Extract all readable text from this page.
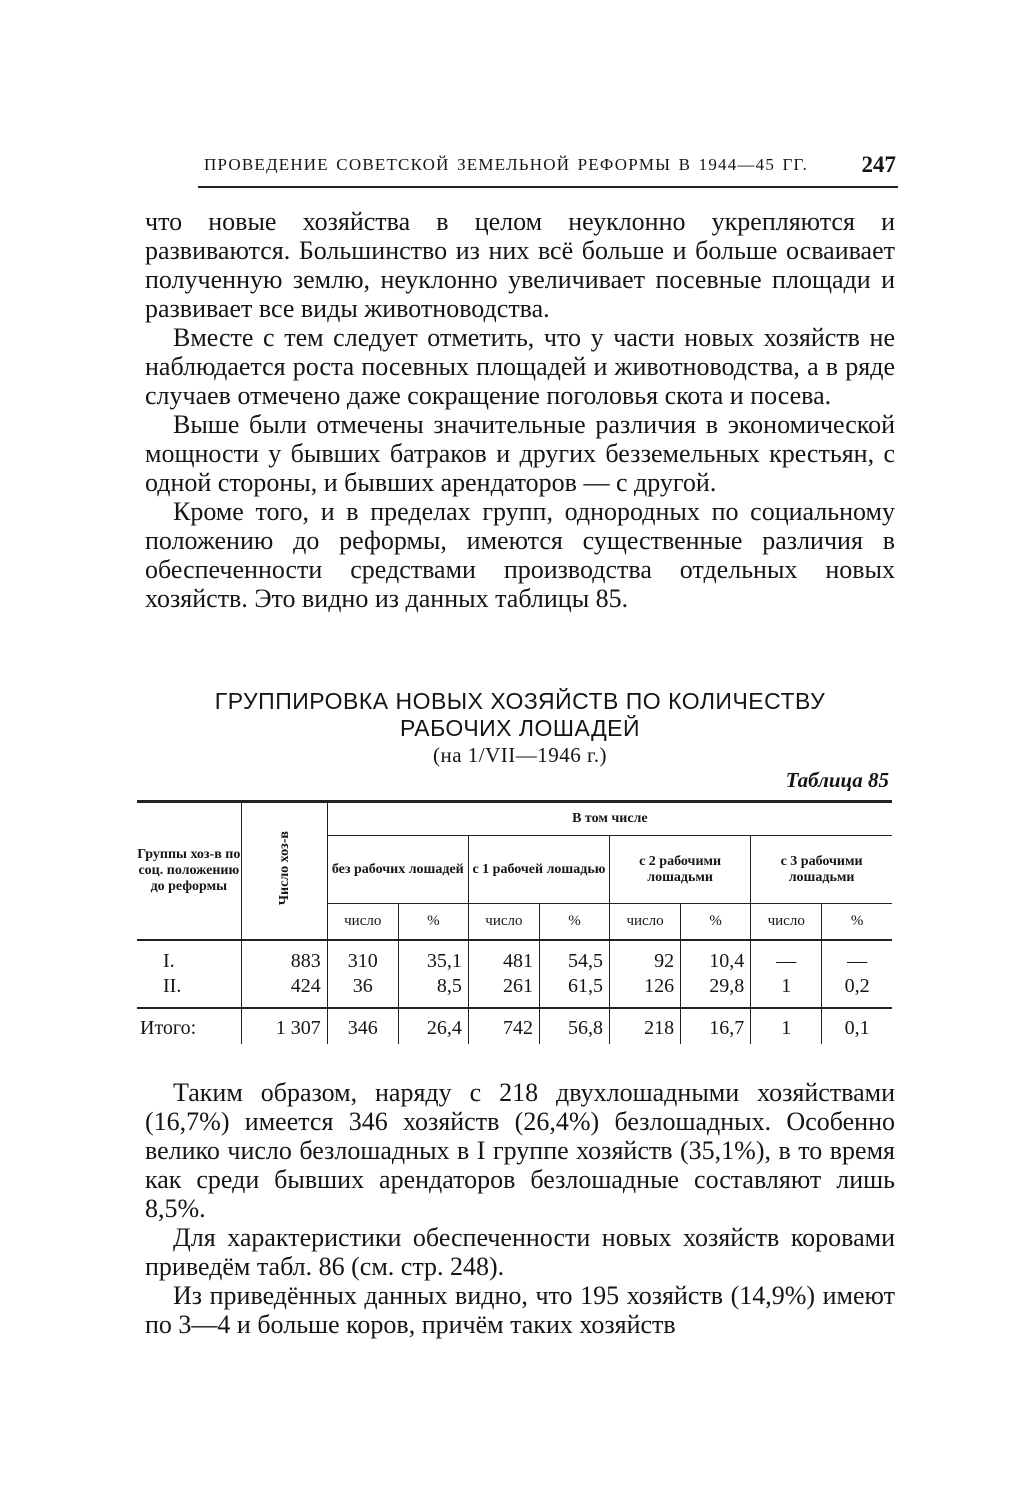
ПРОВЕДЕНИЕ СОВЕТСКОЙ ЗЕМЕЛЬНОЙ РЕФОРМЫ В 1944—45 ГГ. 247

что новые хозяйства в целом неуклонно укрепляются и развиваются. Большинство из них всё больше и больше осваивает полученную землю, неуклонно увеличивает посевные площади и развивает все виды животноводства.

Вместе с тем следует отметить, что у части новых хозяйств не наблюдается роста посевных площадей и животноводства, а в ряде случаев отмечено даже сокращение поголовья скота и посева.

Выше были отмечены значительные различия в экономической мощности у бывших батраков и других безземельных крестьян, с одной стороны, и бывших арендаторов — с другой.

Кроме того, и в пределах групп, однородных по социальному положению до реформы, имеются существенные различия в обеспеченности средствами производства отдельных новых хозяйств. Это видно из данных таблицы 85.

ГРУППИРОВКА НОВЫХ ХОЗЯЙСТВ ПО КОЛИЧЕСТВУ
РАБОЧИХ ЛОШАДЕЙ
(на 1/VII—1946 г.)
Таблица 85
Группы хоз-в по соц. положению до реформы	Число хоз-в	В том числе							
		без рабочих лошадей		с 1 рабочей лошадью		с 2 рабочими лошадьми		с 3 рабочими лошадьми	
		число	%	число	%	число	%	число	%
I.	883	310	35,1	481	54,5	92	10,4	—	—
II.	424	36	8,5	261	61,5	126	29,8	1	0,2
Итого:	1 307	346	26,4	742	56,8	218	16,7	1	0,1

Таким образом, наряду с 218 двухлошадными хозяйствами (16,7%) имеется 346 хозяйств (26,4%) безлошадных. Особенно велико число безлошадных в I группе хозяйств (35,1%), в то время как среди бывших арендаторов безлошадные составляют лишь 8,5%.

Для характеристики обеспеченности новых хозяйств коровами приведём табл. 86 (см. стр. 248).

Из приведённых данных видно, что 195 хозяйств (14,9%) имеют по 3—4 и больше коров, причём таких хозяйств
